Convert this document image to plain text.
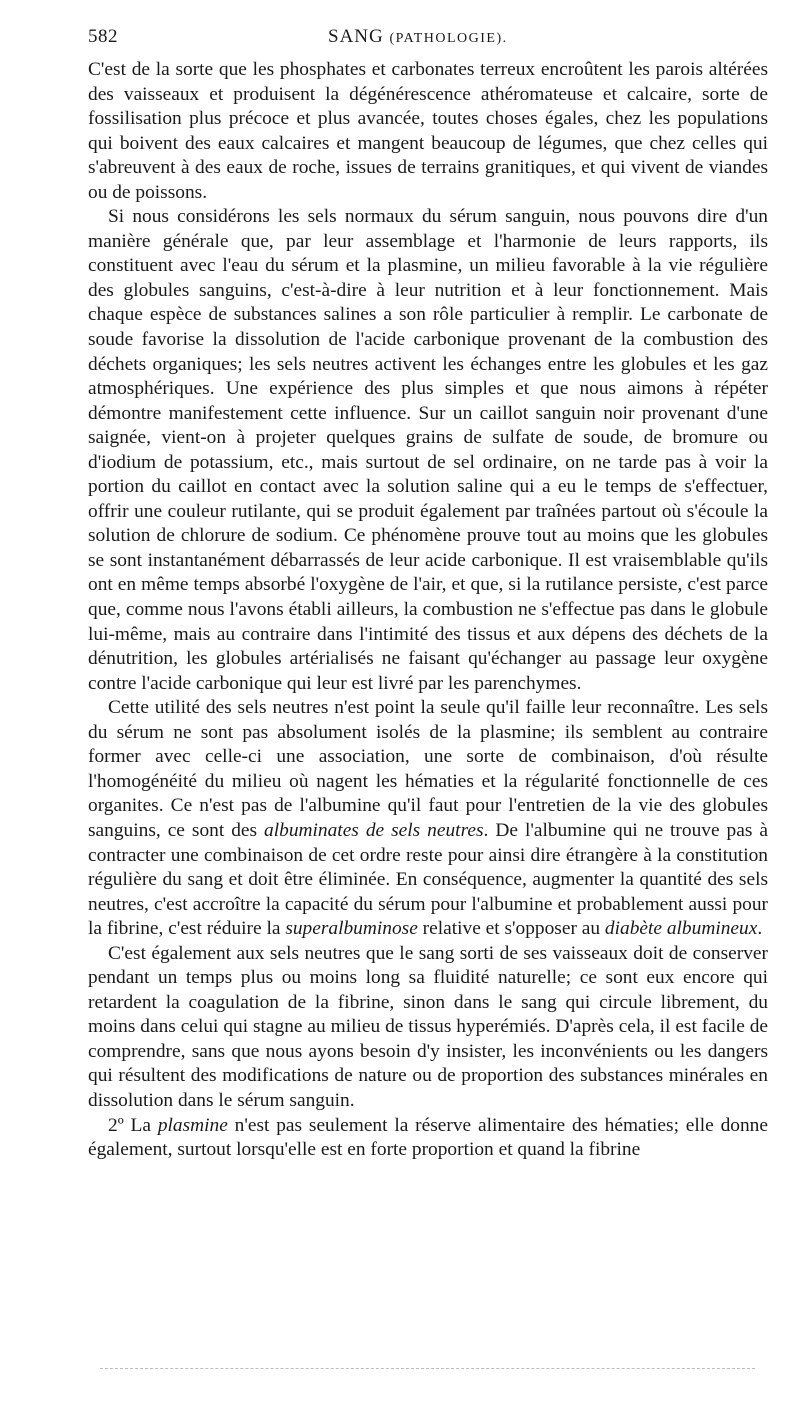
582	SANG (PATHOLOGIE).

C'est de la sorte que les phosphates et carbonates terreux encroûtent les parois altérées des vaisseaux et produisent la dégénérescence athéromateuse et calcaire, sorte de fossilisation plus précoce et plus avancée, toutes choses égales, chez les populations qui boivent des eaux calcaires et mangent beaucoup de légumes, que chez celles qui s'abreuvent à des eaux de roche, issues de terrains granitiques, et qui vivent de viandes ou de poissons.

Si nous considérons les sels normaux du sérum sanguin, nous pouvons dire d'un manière générale que, par leur assemblage et l'harmonie de leurs rapports, ils constituent avec l'eau du sérum et la plasmine, un milieu favorable à la vie régulière des globules sanguins, c'est-à-dire à leur nutrition et à leur fonctionnement. Mais chaque espèce de substances salines a son rôle particulier à remplir. Le carbonate de soude favorise la dissolution de l'acide carbonique provenant de la combustion des déchets organiques; les sels neutres activent les échanges entre les globules et les gaz atmosphériques. Une expérience des plus simples et que nous aimons à répéter démontre manifestement cette influence. Sur un caillot sanguin noir provenant d'une saignée, vient-on à projeter quelques grains de sulfate de soude, de bromure ou d'iodium de potassium, etc., mais surtout de sel ordinaire, on ne tarde pas à voir la portion du caillot en contact avec la solution saline qui a eu le temps de s'effectuer, offrir une couleur rutilante, qui se produit également par traînées partout où s'écoule la solution de chlorure de sodium. Ce phénomène prouve tout au moins que les globules se sont instantanément débarrassés de leur acide carbonique. Il est vraisemblable qu'ils ont en même temps absorbé l'oxygène de l'air, et que, si la rutilance persiste, c'est parce que, comme nous l'avons établi ailleurs, la combustion ne s'effectue pas dans le globule lui-même, mais au contraire dans l'intimité des tissus et aux dépens des déchets de la dénutrition, les globules artérialisés ne faisant qu'échanger au passage leur oxygène contre l'acide carbonique qui leur est livré par les parenchymes.

Cette utilité des sels neutres n'est point la seule qu'il faille leur reconnaître. Les sels du sérum ne sont pas absolument isolés de la plasmine; ils semblent au contraire former avec celle-ci une association, une sorte de combinaison, d'où résulte l'homogénéité du milieu où nagent les hématies et la régularité fonctionnelle de ces organites. Ce n'est pas de l'albumine qu'il faut pour l'entretien de la vie des globules sanguins, ce sont des albuminates de sels neutres. De l'albumine qui ne trouve pas à contracter une combinaison de cet ordre reste pour ainsi dire étrangère à la constitution régulière du sang et doit être éliminée. En conséquence, augmenter la quantité des sels neutres, c'est accroître la capacité du sérum pour l'albumine et probablement aussi pour la fibrine, c'est réduire la superalbuminose relative et s'opposer au diabète albumineux.

C'est également aux sels neutres que le sang sorti de ses vaisseaux doit de conserver pendant un temps plus ou moins long sa fluidité naturelle; ce sont eux encore qui retardent la coagulation de la fibrine, sinon dans le sang qui circule librement, du moins dans celui qui stagne au milieu de tissus hyperémiés. D'après cela, il est facile de comprendre, sans que nous ayons besoin d'y insister, les inconvénients ou les dangers qui résultent des modifications de nature ou de proportion des substances minérales en dissolution dans le sérum sanguin.

2º La plasmine n'est pas seulement la réserve alimentaire des hématies; elle donne également, surtout lorsqu'elle est en forte proportion et quand la fibrine
